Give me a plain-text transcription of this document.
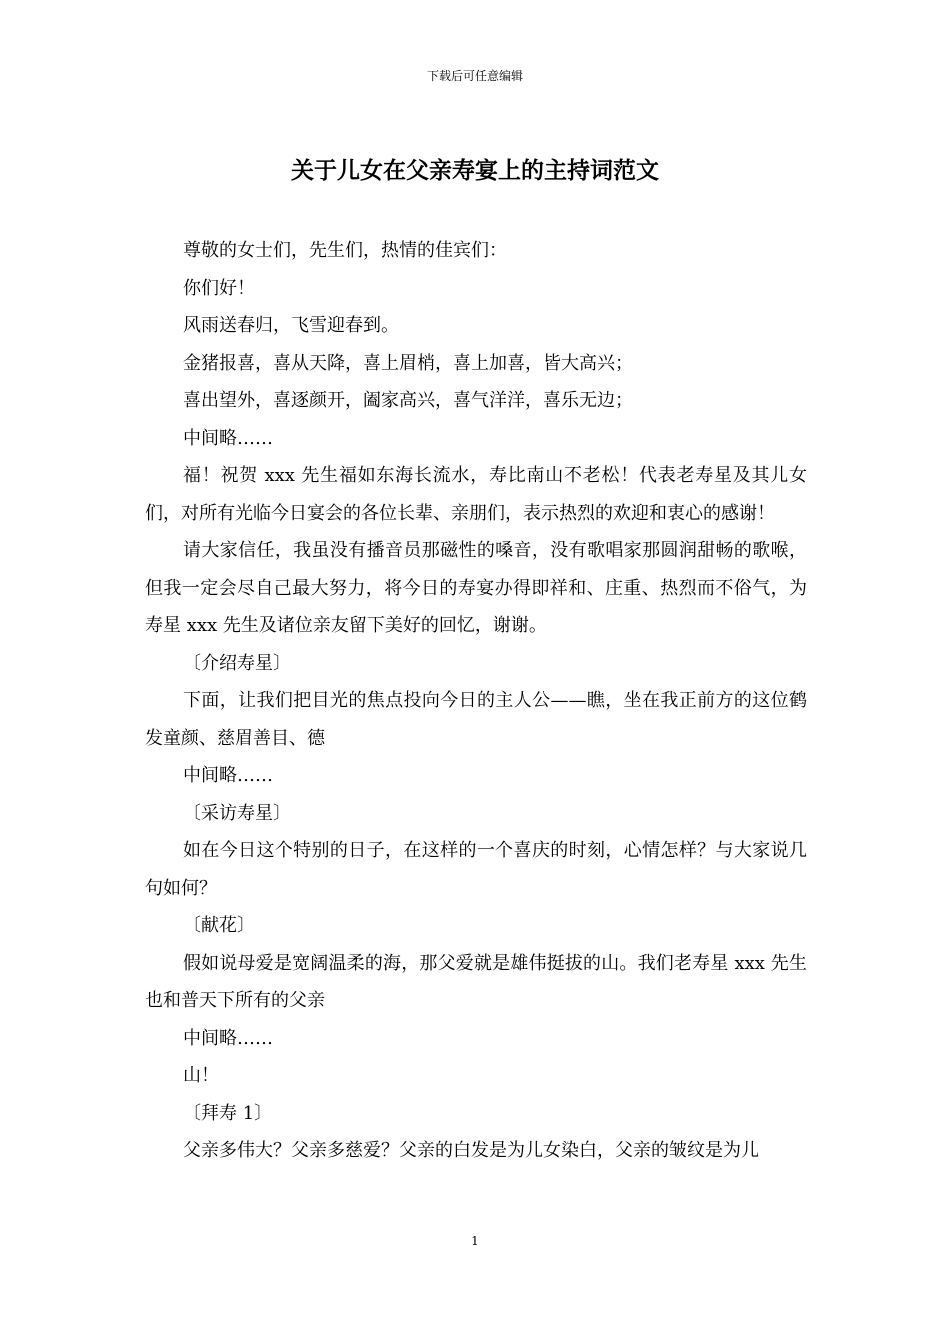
下载后可任意编辑
关于儿女在父亲寿宴上的主持词范文

尊敬的女士们，先生们，热情的佳宾们：

你们好！

风雨送春归，飞雪迎春到。

金猪报喜，喜从天降，喜上眉梢，喜上加喜，皆大高兴；

喜出望外，喜逐颜开，阖家高兴，喜气洋洋，喜乐无边；

中间略……

福！祝贺 xxx 先生福如东海长流水，寿比南山不老松！代表老寿星及其儿女们，对所有光临今日宴会的各位长辈、亲朋们，表示热烈的欢迎和衷心的感谢！

请大家信任，我虽没有播音员那磁性的嗓音，没有歌唱家那圆润甜畅的歌喉，但我一定会尽自己最大努力，将今日的寿宴办得即祥和、庄重、热烈而不俗气，为寿星 xxx 先生及诸位亲友留下美好的回忆，谢谢。

〔介绍寿星〕

下面，让我们把目光的焦点投向今日的主人公——瞧，坐在我正前方的这位鹤发童颜、慈眉善目、德

中间略……

〔采访寿星〕

如在今日这个特别的日子，在这样的一个喜庆的时刻，心情怎样？与大家说几句如何？

〔献花〕

假如说母爱是宽阔温柔的海，那父爱就是雄伟挺拔的山。我们老寿星 xxx 先生也和普天下所有的父亲

中间略……

山！

〔拜寿 1〕

父亲多伟大？父亲多慈爱？父亲的白发是为儿女染白，父亲的皱纹是为儿

1
